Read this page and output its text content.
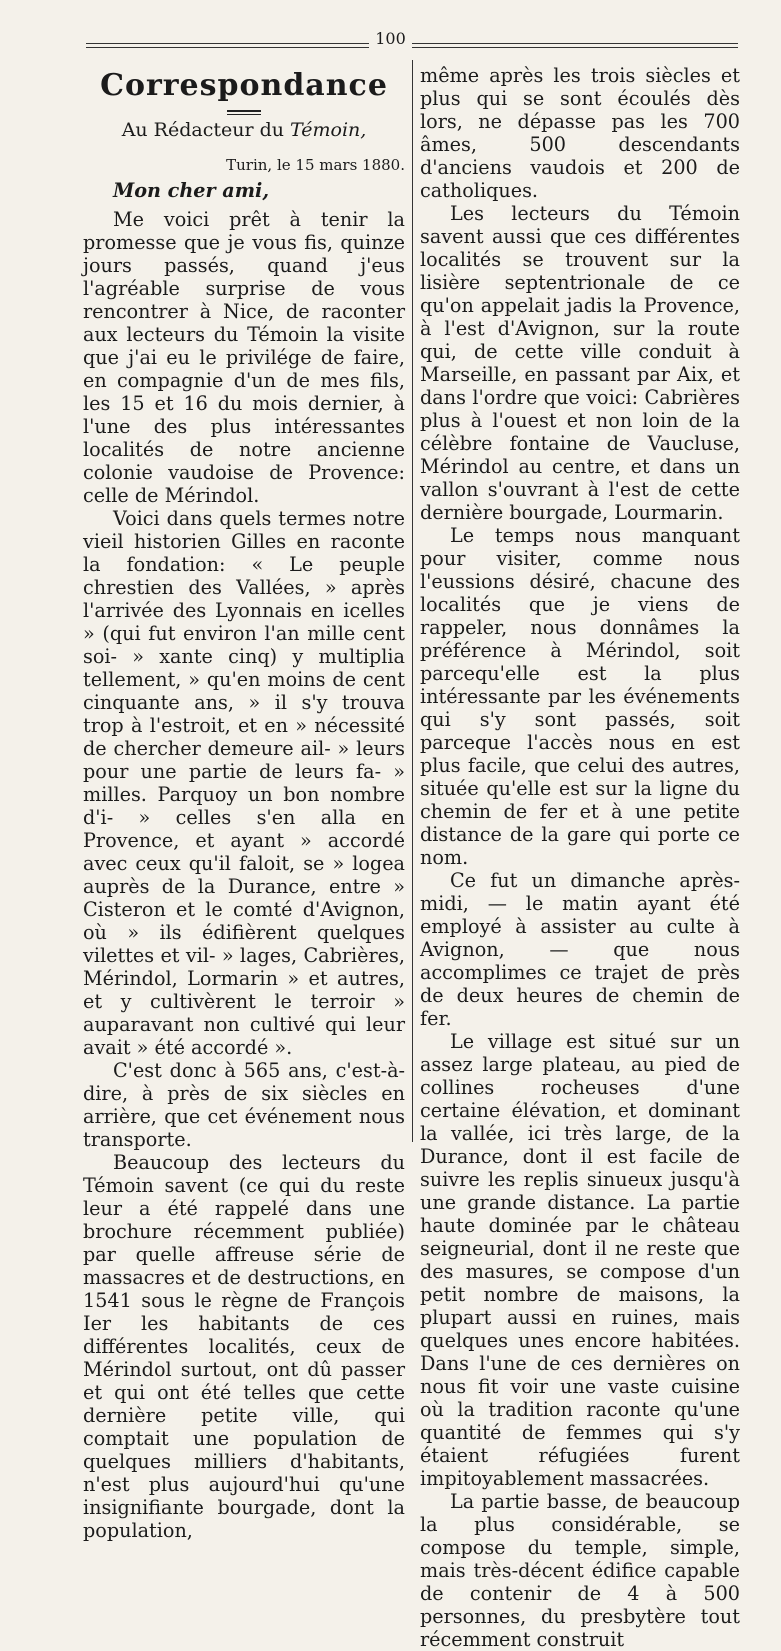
100
Correspondance
Au Rédacteur du Témoin,
Turin, le 15 mars 1880.
Mon cher ami,

Me voici prêt à tenir la promesse que je vous fis, quinze jours passés, quand j'eus l'agréable surprise de vous rencontrer à Nice, de raconter aux lecteurs du Témoin la visite que j'ai eu le privilége de faire, en compagnie d'un de mes fils, les 15 et 16 du mois dernier, à l'une des plus intéressantes localités de notre ancienne colonie vaudoise de Provence: celle de Mérindol.

Voici dans quels termes notre vieil historien Gilles en raconte la fondation: « Le peuple chrestien des Vallées, » après l'arrivée des Lyonnais en icelles » (qui fut environ l'an mille cent soi- » xante cinq) y multiplia tellement, » qu'en moins de cent cinquante ans, » il s'y trouva trop à l'estroit, et en » nécessité de chercher demeure ail- » leurs pour une partie de leurs fa- » milles. Parquoy un bon nombre d'i- » celles s'en alla en Provence, et ayant » accordé avec ceux qu'il faloit, se » logea auprès de la Durance, entre » Cisteron et le comté d'Avignon, où » ils édifièrent quelques vilettes et vil- » lages, Cabrières, Mérindol, Lormarin » et autres, et y cultivèrent le terroir » auparavant non cultivé qui leur avait » été accordé ».

C'est donc à 565 ans, c'est-à-dire, à près de six siècles en arrière, que cet événement nous transporte.

Beaucoup des lecteurs du Témoin savent (ce qui du reste leur a été rappelé dans une brochure récemment publiée) par quelle affreuse série de massacres et de destructions, en 1541 sous le règne de François Ier les habitants de ces différentes localités, ceux de Mérindol surtout, ont dû passer et qui ont été telles que cette dernière petite ville, qui comptait une population de quelques milliers d'habitants, n'est plus aujourd'hui qu'une insignifiante bourgade, dont la population,

même après les trois siècles et plus qui se sont écoulés dès lors, ne dépasse pas les 700 âmes, 500 descendants d'anciens vaudois et 200 de catholiques.

Les lecteurs du Témoin savent aussi que ces différentes localités se trouvent sur la lisière septentrionale de ce qu'on appelait jadis la Provence, à l'est d'Avignon, sur la route qui, de cette ville conduit à Marseille, en passant par Aix, et dans l'ordre que voici: Cabrières plus à l'ouest et non loin de la célèbre fontaine de Vaucluse, Mérindol au centre, et dans un vallon s'ouvrant à l'est de cette dernière bourgade, Lourmarin.

Le temps nous manquant pour visiter, comme nous l'eussions désiré, chacune des localités que je viens de rappeler, nous donnâmes la préférence à Mérindol, soit parcequ'elle est la plus intéressante par les événements qui s'y sont passés, soit parceque l'accès nous en est plus facile, que celui des autres, située qu'elle est sur la ligne du chemin de fer et à une petite distance de la gare qui porte ce nom.

Ce fut un dimanche après-midi, — le matin ayant été employé à assister au culte à Avignon, — que nous accomplimes ce trajet de près de deux heures de chemin de fer.

Le village est situé sur un assez large plateau, au pied de collines rocheuses d'une certaine élévation, et dominant la vallée, ici très large, de la Durance, dont il est facile de suivre les replis sinueux jusqu'à une grande distance. La partie haute dominée par le château seigneurial, dont il ne reste que des masures, se compose d'un petit nombre de maisons, la plupart aussi en ruines, mais quelques unes encore habitées. Dans l'une de ces dernières on nous fit voir une vaste cuisine où la tradition raconte qu'une quantité de femmes qui s'y étaient réfugiées furent impitoyablement massacrées.

La partie basse, de beaucoup la plus considérable, se compose du temple, simple, mais très-décent édifice capable de contenir de 4 à 500 personnes, du presbytère tout récemment construit
